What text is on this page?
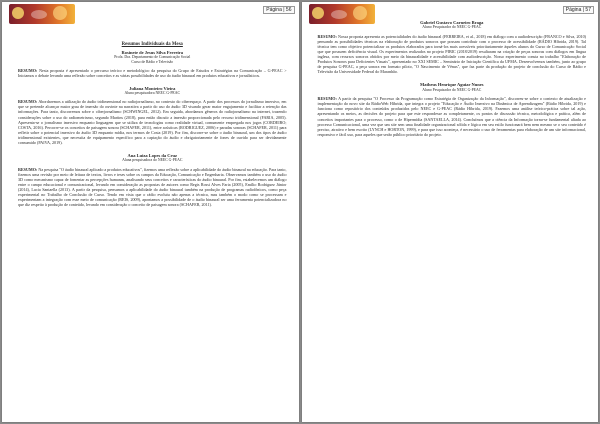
Página | 56
Resumos Individuais da Mesa
Rosinete de Jesus Silva Ferreira
Profa. Dra. Departamento de Comunicação Social
Curso de Rádio e Televisão
RESUMO: Nesta proposta é apresentado o percurso teórico e metodológico da pesquisa do Grupo de Estudos e Estratégias na Comunicação – G-PEAC > Iniciamos o debate levando uma reflexão sobre conceitos e as várias possibilidades de uso do áudio binaural em produtos educativos e jornalísticos.
Juliana Monteiro Vieira
Aluna pesquisadora NEEC G-PEAC
RESUMO: Abordaremos a utilização do áudio tridimensional no radiojornalismo, no contexto do ciberespaço. A partir dos processos do jornalismo imersivo, em que se pretende alcançar maior grau de imersão do ouvinte na narrativa a partir do uso do áudio 3D visando gerar maior engajamento e facilitar a retenção das informações. Para tanto, discorremos sobre o ciberjornalismo (SCHWINGEL, 2012). Em seguida, abordamos gêneros do radiojornalismo na internet, trazendo considerações sobre o uso do radiometrismo, segundo Martins (2018), para então discutir a imersão proporcionada pelo recurso tridimensional (FARIA, 2005). Apresenta-se o jornalismo imersivo enquanto linguagem que se utiliza de tecnologias como realidade virtual, comumente empregada nos jogos (CORDEIRO; COSTA, 2016). Percorre-se os conceitos de paisagem sonora (SCHAFER, 2011), entre acústicas (RODRIGUEZ, 2006) e paradas sonoras (SCHAFER, 2011) para refletir sobre o potencial imersivo do áudio 3D enquanto mídia, nos termos de Costa (2019). Por fim, discorre-se sobre o áudio binaural, um dos tipos de áudio tridimensional existentes, que necessita de equipamento específico para a captação do áudio e obrigatoriamente de fones de ouvido para ser devidamente consumido (PAIVA, 2019).
Ana Luiza Lopes da Cruz
Aluna pesquisadora do NEEC G-PEAC
RESUMO: Na pesquisa "O áudio binaural aplicado a produtos educativos", fizemos uma reflexão sobre a aplicabilidade do áudio binaural na educação. Para tanto, fizemos uma revisão por meio de leitura de textos, livros e teses sobre os campos da Educação, Comunicação e Engenharia. Observamos também o uso do áudio 3D como mecanismo capaz de fomentar as percepções humanas, analisando seus conceitos e características do áudio binaural. Por fim, estabelecemos um diálogo entre o campo educacional e comunicacional, levando em consideração as propostas de autores como Regis Rossi Alves Faria (2005), Emílio Rodriguez Júnior (2014), Lucia Santaella (2013). A partir da pesquisa, pensamos a aplicabilidade do áudio binaural também na produção de programas radiofônicos, como peça experimental no Trabalho de Conclusão de Curso. Tendo em vista que o rádio evoluiu não apenas a técnica, mas também o modo como se processam e experimentam a integração com esse meio de comunicação (REIS, 2009), apontamos a possibilidade de o áudio binaural ser uma ferramenta potencializadora no que diz respeito à produção de conteúdo, levando em consideração o conceito de paisagem sonora (SCHAFER, 2011).
Página | 57
Gabriel Gustavo Carneiro Braga
Aluno Pesquisador do NEEC G-PEAC
RESUMO: Nossa proposta apresenta as potencialidades do áudio binaural (FERREIRA, et al., 2018) em diálogo com a audiodescrição (FRANCO e Silva, 2010) pensando as possibilidades técnicas na elaboração de produtos sonoros que possam contribuir com o processo de acessibilidade (RÁDIO Híbrida, 2019). Tal técnica tem como objetivo potencializar os produtos elaborados para torná-los mais acessíveis prioritariamente àqueles alunos do Curso de Comunicação Social que que possuem deficiência visual. Os experimentos realizados no projeto PIBIC (2018/2019) resultaram na criação de peças sonoras com diálogos em língua inglesa, com recursos sonoros obtidos por meio da binauralidade e acessibilidade com audiodescrição. Nosso experimento consta no trabalho "Elaboração de Produtos Sonoros para Deficientes Visuais", apresentado no XXI SEMIC – Seminário de Iniciação Científica da UFMA. Desenvolvemos também, junto ao grupo de pesquisa G-PEAC, a peça sonora em formato piloto, "O Nascimento de Vênus", que faz parte da produção do projeto de conclusão do Curso de Rádio e Televisão da Universidade Federal do Maranhão.
Matheus Henrique Aguiar Nunes
Aluno Pesquisador do NEEC G-PEAC
RESUMO: A partir da pesquisa "O Processo da Programação como Estratégia de Organização da Informação", discorreu-se sobre o contexto de atualização e implementação do novo site da RádioWeb Híbrida, que integra o projeto "Educação e Áudio Imersivo na Dinâmica de Aprendizagem" (Rádio Híbrida, 2019) e funciona como repositório dos conteúdos produzidos pelo NEEC e G-PEAC (Rádio Híbrida, 2019). Fazemos uma análise teórico-prática sobre tal ação, apresentando os meios, as decisões do projeto para que este respondesse as completamente, os pontos de discussão técnica, metodológica e prática, além de conceitos importantes para o processo, como o de Hipermídia (SANTAELLA, 2014). Concluímos que a ciência da Informação torna-se fundamental aliada ao processo Comunicacional, uma vez que um site sem uma finalidade organizacional sólida e lógica em seu estilo funcionará bem nem mesmo se o seu conteúdo é preciso, atrativo e bem escrito (LYNCH e HORTON, 1999), e para que isso aconteça, é necessário o uso de ferramentas para elaboração de um site informacional, responsivo e fácil uso, para aqueles que serão público prioritário do projeto.
